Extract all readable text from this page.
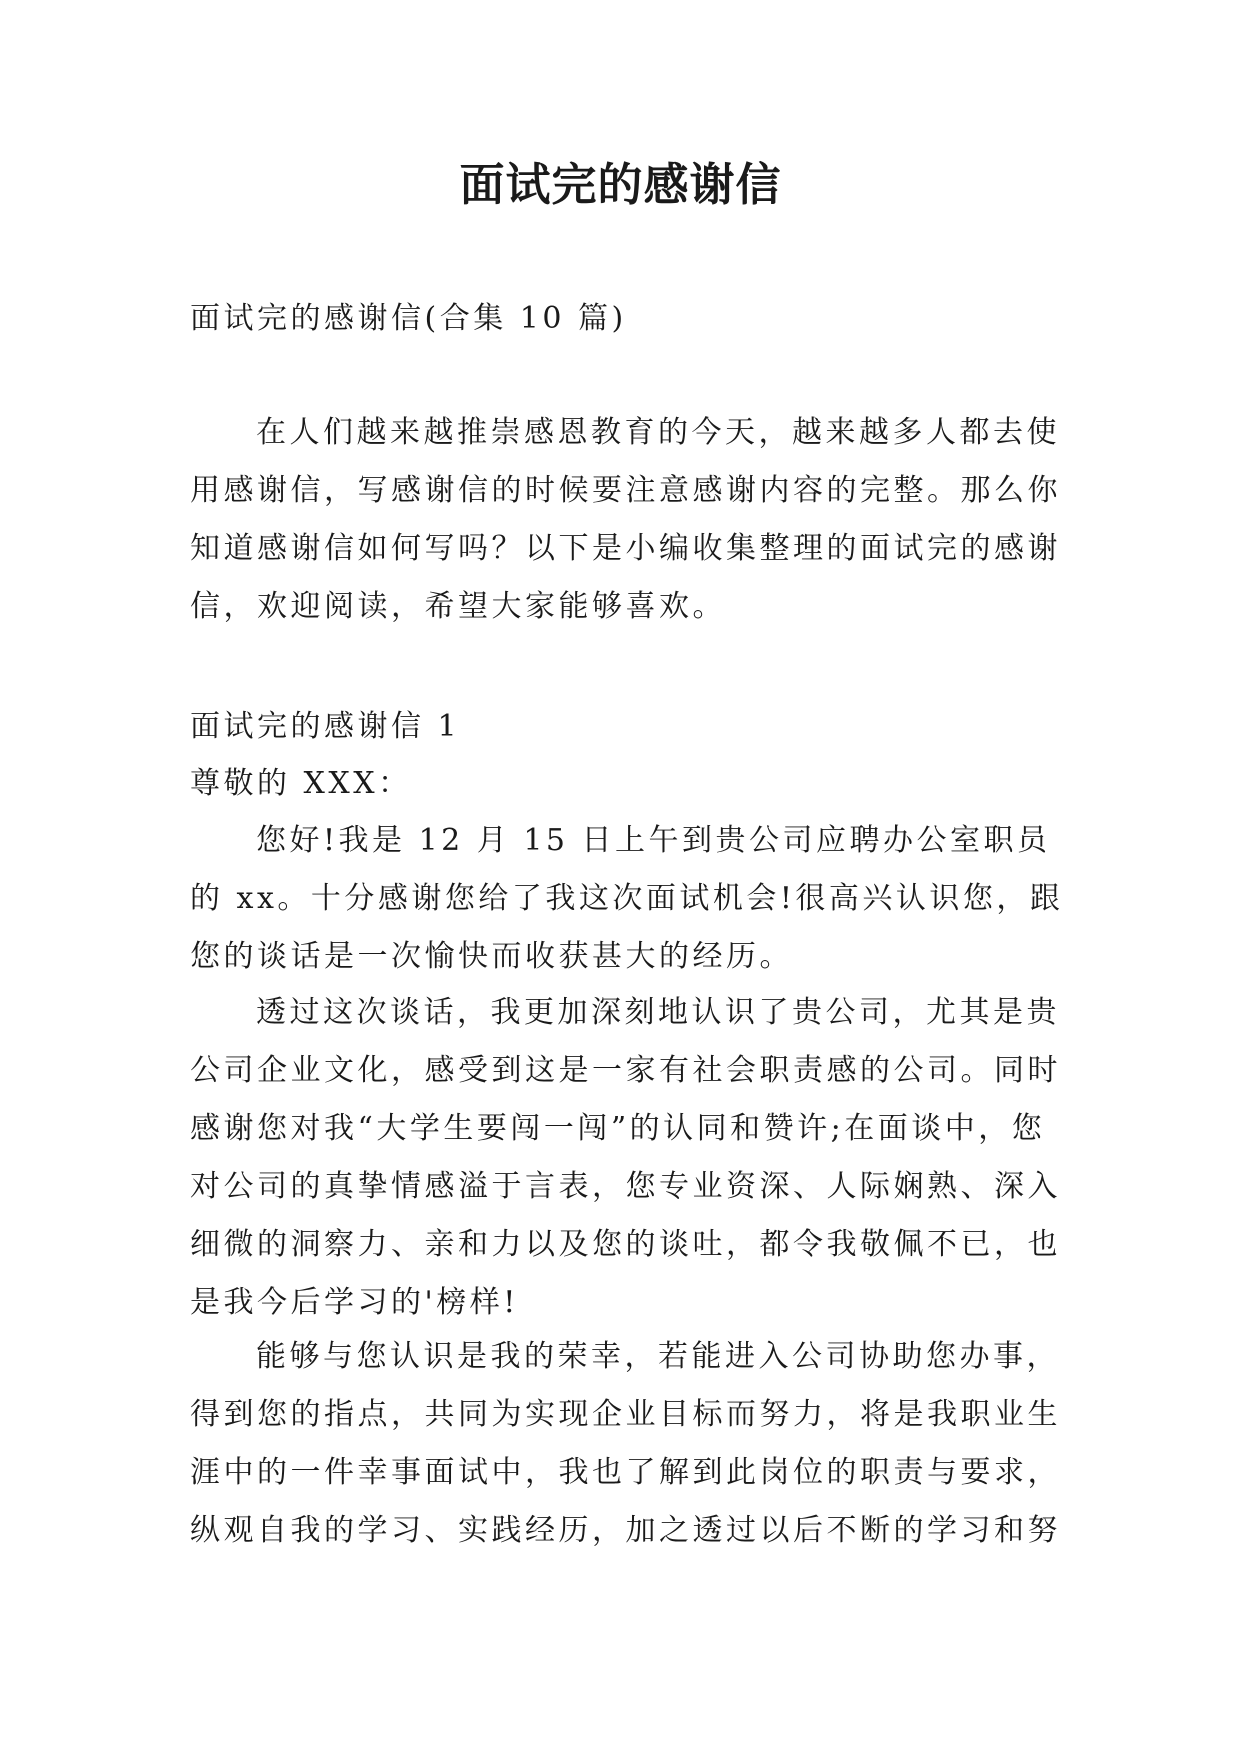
面试完的感谢信

面试完的感谢信(合集 10 篇)

在人们越来越推崇感恩教育的今天，越来越多人都去使用感谢信，写感谢信的时候要注意感谢内容的完整。那么你知道感谢信如何写吗？以下是小编收集整理的面试完的感谢信，欢迎阅读，希望大家能够喜欢。

面试完的感谢信 1

尊敬的 XXX：

您好!我是 12 月 15 日上午到贵公司应聘办公室职员的 xx。十分感谢您给了我这次面试机会!很高兴认识您，跟您的谈话是一次愉快而收获甚大的经历。

透过这次谈话，我更加深刻地认识了贵公司，尤其是贵公司企业文化，感受到这是一家有社会职责感的公司。同时感谢您对我“大学生要闯一闯”的认同和赞许;在面谈中，您对公司的真挚情感溢于言表，您专业资深、人际娴熟、深入细微的洞察力、亲和力以及您的谈吐，都令我敬佩不已，也是我今后学习的'榜样!

能够与您认识是我的荣幸，若能进入公司协助您办事，得到您的指点，共同为实现企业目标而努力，将是我职业生涯中的一件幸事面试中，我也了解到此岗位的职责与要求，纵观自我的学习、实践经历，加之透过以后不断的学习和努
